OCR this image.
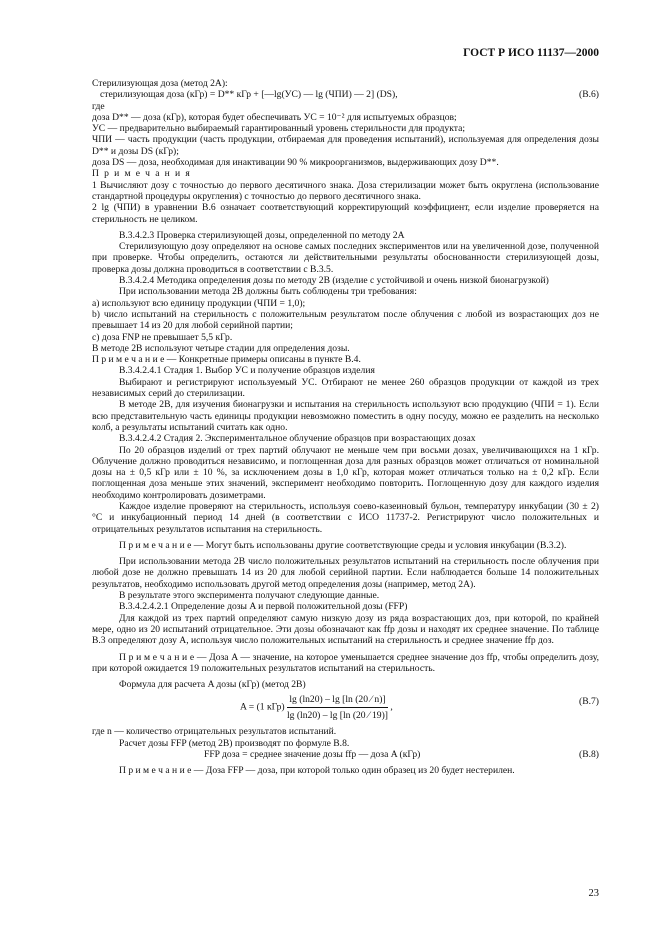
ГОСТ Р ИСО 11137—2000

Стерилизующая доза (метод 2А):

стерилизующая доза (кГр) = D** кГр + [—lg(УС) — lg (ЧПИ) — 2] (DS),	(В.6)

где

доза D** — доза (кГр), которая будет обеспечивать УС = 10⁻² для испытуемых образцов;

УС — предварительно выбираемый гарантированный уровень стерильности для продукта;

ЧПИ — часть продукции (часть продукции, отбираемая для проведения испытаний), используемая для определения дозы D** и дозы DS (кГр);

доза DS — доза, необходимая для инактивации 90 % микроорганизмов, выдерживающих дозу D**.

П р и м е ч а н и я

1 Вычисляют дозу с точностью до первого десятичного знака. Доза стерилизации может быть округлена (использование стандартной процедуры округления) с точностью до первого десятичного знака.

2 lg (ЧПИ) в уравнении В.6 означает соответствующий корректирующий коэффициент, если изделие проверяется на стерильность не целиком.

В.3.4.2.3 Проверка стерилизующей дозы, определенной по методу 2А

Стерилизующую дозу определяют на основе самых последних экспериментов или на увеличенной дозе, полученной при проверке. Чтобы определить, остаются ли действительными результаты обоснованности стерилизующей дозы, проверка дозы должна проводиться в соответствии с В.3.5.

В.3.4.2.4 Методика определения дозы по методу 2В (изделие с устойчивой и очень низкой бионагрузкой)

При использовании метода 2В должны быть соблюдены три требования:

а) используют всю единицу продукции (ЧПИ = 1,0);

b) число испытаний на стерильность с положительным результатом после облучения с любой из возрастающих доз не превышает 14 из 20 для любой серийной партии;

с) доза FNP не превышает 5,5 кГр.

В методе 2В используют четыре стадии для определения дозы.

П р и м е ч а н и е — Конкретные примеры описаны в пункте В.4.

В.3.4.2.4.1 Стадия 1. Выбор УС и получение образцов изделия

Выбирают и регистрируют используемый УС. Отбирают не менее 260 образцов продукции от каждой из трех независимых серий до стерилизации.

В методе 2В, для изучения бионагрузки и испытания на стерильность используют всю продукцию (ЧПИ = 1). Если всю представительную часть единицы продукции невозможно поместить в одну посуду, можно ее разделить на несколько колб, а результаты испытаний считать как одно.

В.3.4.2.4.2 Стадия 2. Экспериментальное облучение образцов при возрастающих дозах

По 20 образцов изделий от трех партий облучают не меньше чем при восьми дозах, увеличивающихся на 1 кГр. Облучение должно проводиться независимо, и поглощенная доза для разных образцов может отличаться от номинальной дозы на ± 0,5 кГр или ± 10 %, за исключением дозы в 1,0 кГр, которая может отличаться только на ± 0,2 кГр. Если поглощенная доза меньше этих значений, эксперимент необходимо повторить. Поглощенную дозу для каждого изделия необходимо контролировать дозиметрами.

Каждое изделие проверяют на стерильность, используя соево-казеиновый бульон, температуру инкубации (30 ± 2) °С и инкубационный период 14 дней (в соответствии с ИСО 11737-2. Регистрируют число положительных и отрицательных результатов испытания на стерильность.

П р и м е ч а н и е — Могут быть использованы другие соответствующие среды и условия инкубации (В.3.2).

При использовании метода 2В число положительных результатов испытаний на стерильность после облучения при любой дозе не должно превышать 14 из 20 для любой серийной партии. Если наблюдается больше 14 положительных результатов, необходимо использовать другой метод определения дозы (например, метод 2А).

В результате этого эксперимента получают следующие данные.

В.3.4.2.4.2.1 Определение дозы A и первой положительной дозы (FFP)

Для каждой из трех партий определяют самую низкую дозу из ряда возрастающих доз, при которой, по крайней мере, одно из 20 испытаний отрицательное. Эти дозы обозначают как ffp дозы и находят их среднее значение. По таблице В.3 определяют дозу A, используя число положительных испытаний на стерильность и среднее значение ffp доз.

П р и м е ч а н и е — Доза A — значение, на которое уменьшается среднее значение доз ffp, чтобы определить дозу, при которой ожидается 19 положительных результатов испытаний на стерильность.

Формула для расчета A дозы (кГр) (метод 2В)

A = (1 $кГр) \frac{\lg (\ln 20) - \lg [\ln (20 ⁄ n)]}{\lg (\ln 20) - \lg [\ln (20 ⁄ 19)]}$ ,	(В.7)

где n — количество отрицательных результатов испытаний.

Расчет дозы FFP (метод 2В) производят по формуле В.8.

FFP доза = среднее значение дозы ffp — доза A (кГр)	(В.8)

П р и м е ч а н и е — Доза FFP — доза, при которой только один образец из 20 будет нестерилен.

23
